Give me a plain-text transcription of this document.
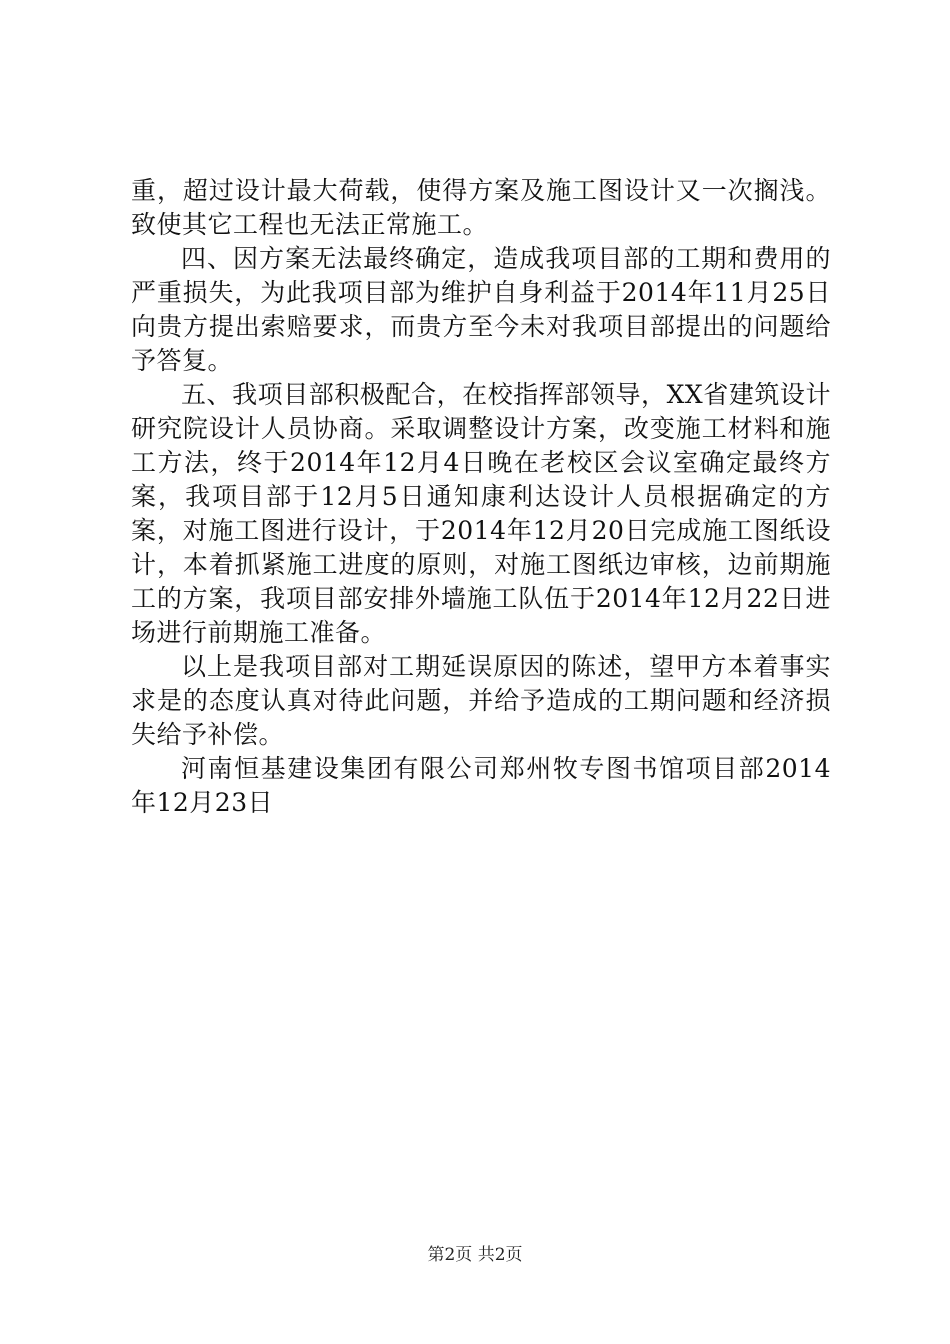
重，超过设计最大荷载，使得方案及施工图设计又一次搁浅。致使其它工程也无法正常施工。

四、因方案无法最终确定，造成我项目部的工期和费用的严重损失，为此我项目部为维护自身利益于2014年11月25日向贵方提出索赔要求，而贵方至今未对我项目部提出的问题给予答复。

五、我项目部积极配合，在校指挥部领导，XX省建筑设计研究院设计人员协商。采取调整设计方案，改变施工材料和施工方法，终于2014年12月4日晚在老校区会议室确定最终方案，我项目部于12月5日通知康利达设计人员根据确定的方案，对施工图进行设计，于2014年12月20日完成施工图纸设计，本着抓紧施工进度的原则，对施工图纸边审核，边前期施工的方案，我项目部安排外墙施工队伍于2014年12月22日进场进行前期施工准备。

以上是我项目部对工期延误原因的陈述，望甲方本着事实求是的态度认真对待此问题，并给予造成的工期问题和经济损失给予补偿。

河南恒基建设集团有限公司郑州牧专图书馆项目部2014年12月23日

第2页 共2页
